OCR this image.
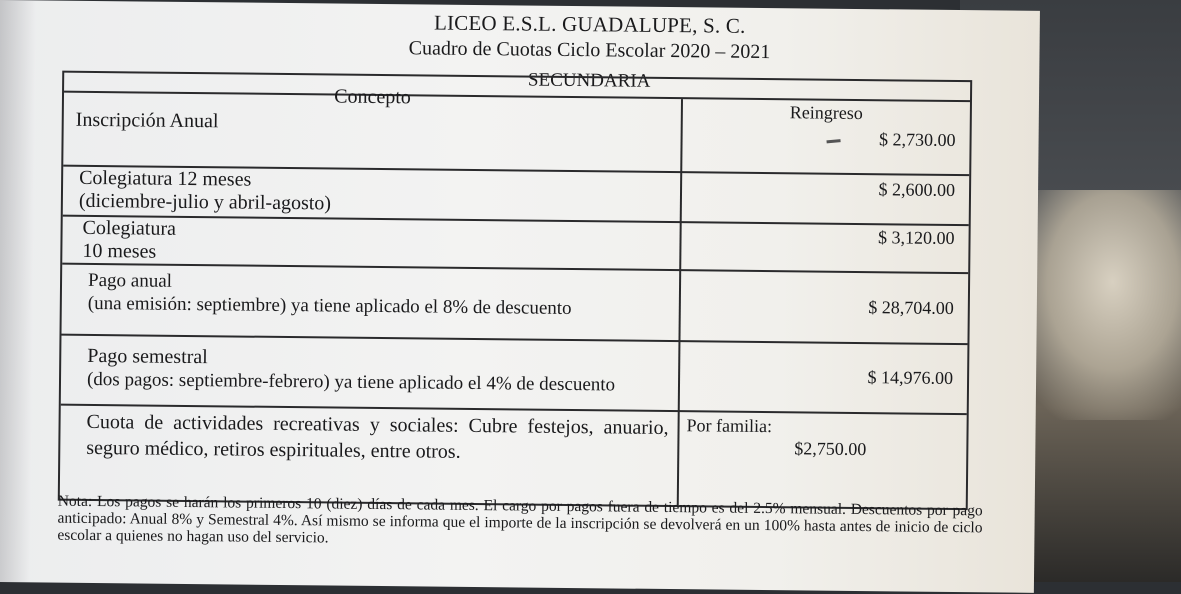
LICEO E.S.L. GUADALUPE, S. C.
Cuadro de Cuotas Ciclo Escolar 2020 – 2021
SECUNDARIA
Concepto
Reingreso
Inscripción Anual
$ 2,730.00
Colegiatura 12 meses
(diciembre-julio y abril-agosto)
$ 2,600.00
Colegiatura
10 meses
$ 3,120.00
Pago anual
(una emisión: septiembre) ya tiene aplicado el 8% de descuento	$ 28,704.00
Pago semestral
(dos pagos: septiembre-febrero) ya tiene aplicado el 4% de descuento	$ 14,976.00
Cuota de actividades recreativas y sociales: Cubre festejos, anuario, seguro médico, retiros espirituales, entre otros.
Por familia:
$2,750.00
Nota: Los pagos se harán los primeros 10 (diez) días de cada mes. El cargo por pagos fuera de tiempo es del 2.5% mensual. Descuentos por pago anticipado: Anual 8% y Semestral 4%. Así mismo se informa que el importe de la inscripción se devolverá en un 100% hasta antes de inicio de ciclo escolar a quienes no hagan uso del servicio.
